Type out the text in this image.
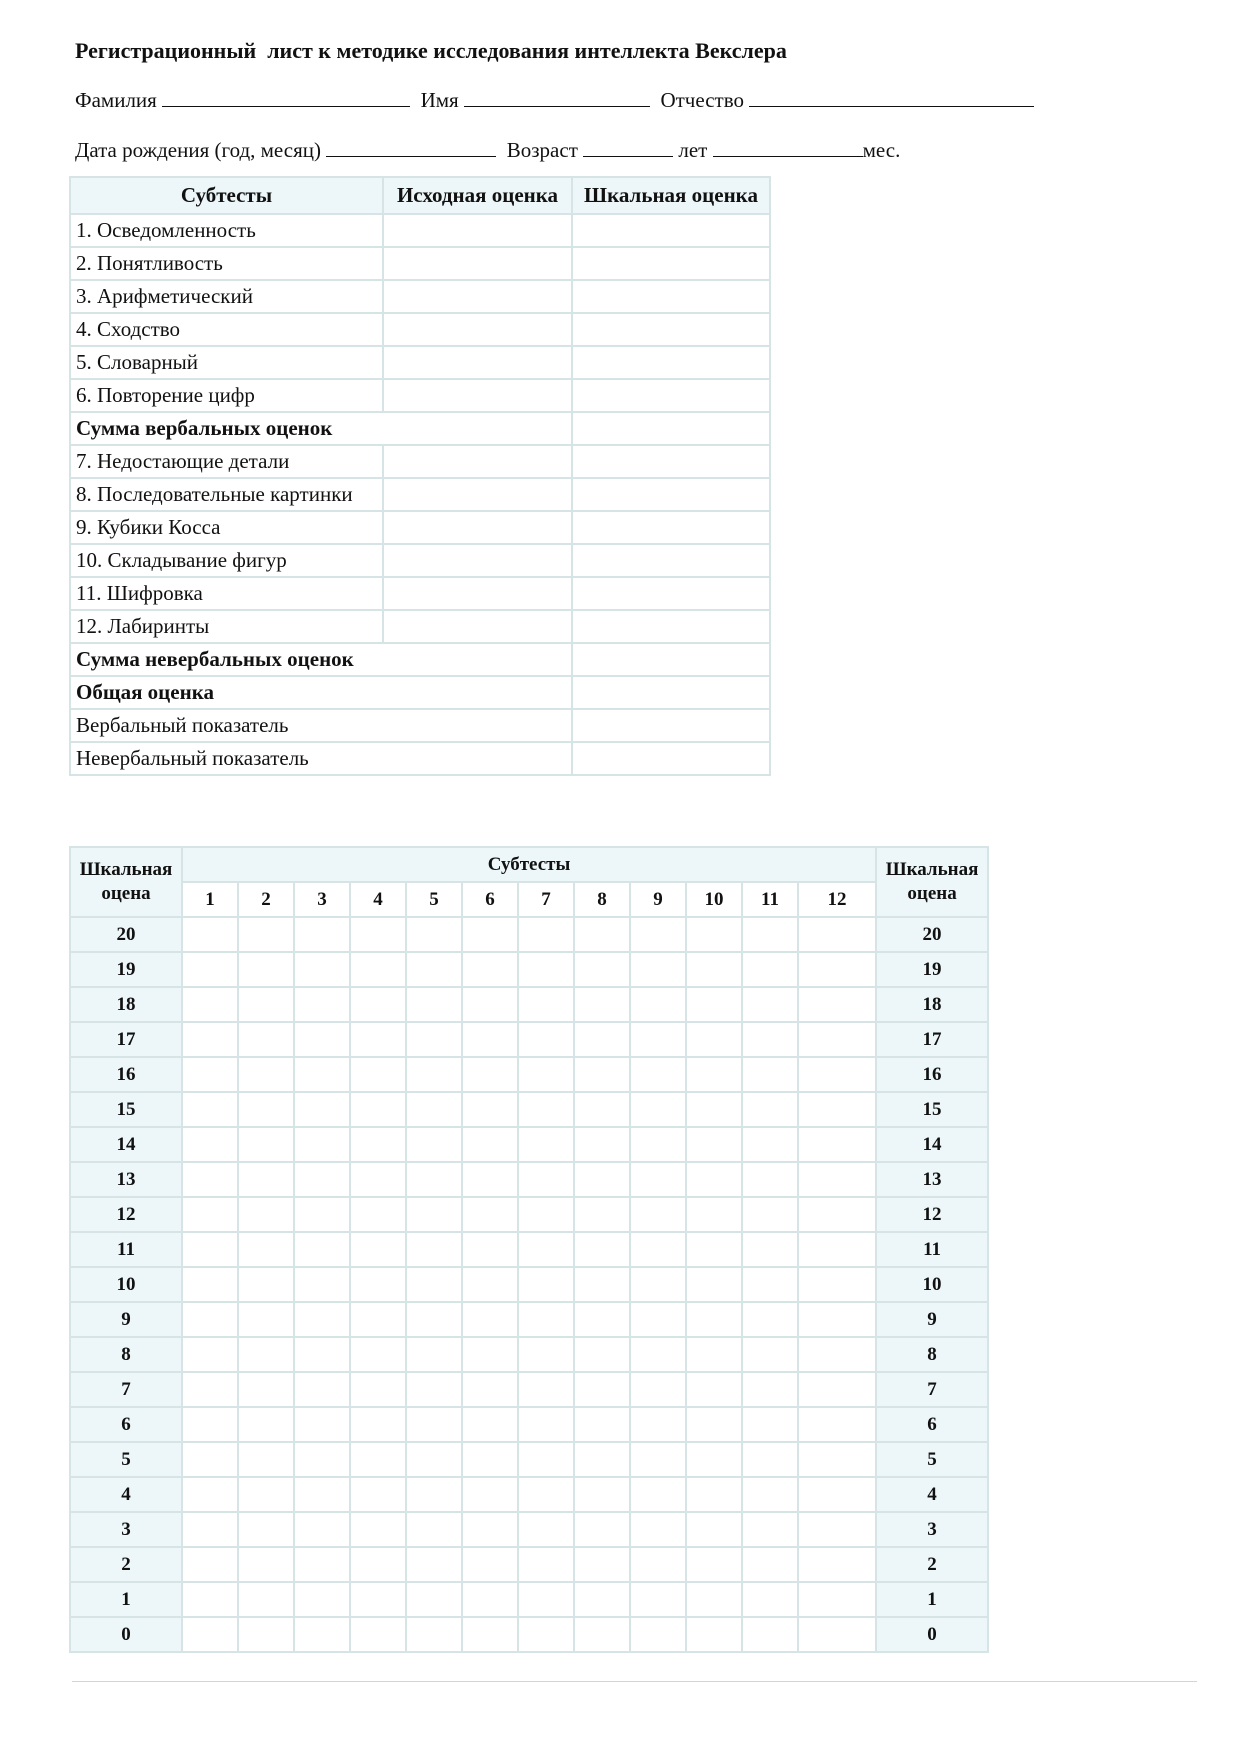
Регистрационный  лист к методике исследования интеллекта Векслера
Фамилия	Имя	Отчество
Дата рождения (год, месяц)	Возраст	лет	мес.
Субтесты	Исходная оценка	Шкальная оценка
1. Осведомленность		
2. Понятливость		
3. Арифметический		
4. Сходство		
5. Словарный		
6. Повторение цифр		
Сумма вербальных оценок		
7. Недостающие детали		
8. Последовательные картинки		
9. Кубики Косса		
10. Складывание фигур		
11. Шифровка		
12. Лабиринты		
Сумма невербальных оценок		
Общая оценка		
Вербальный показатель		
Невербальный показатель		
Шкальная оцена	Субтесты												Шкальная оцена
	1	2	3	4	5	6	7	8	9	10	11	12	
20													20
19													19
18													18
17													17
16													16
15													15
14													14
13													13
12													12
11													11
10													10
9													9
8													8
7													7
6													6
5													5
4													4
3													3
2													2
1													1
0													0
